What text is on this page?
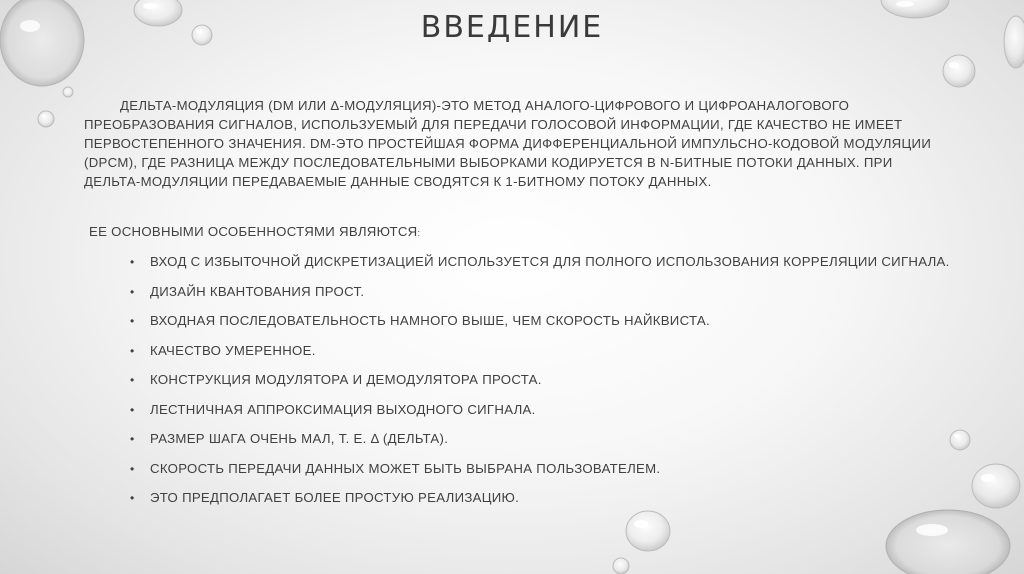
ВВЕДЕНИЕ

ДЕЛЬТА-МОДУЛЯЦИЯ (DM ИЛИ Δ-МОДУЛЯЦИЯ)-ЭТО МЕТОД АНАЛОГО-ЦИФРОВОГО И ЦИФРОАНАЛОГОВОГО ПРЕОБРАЗОВАНИЯ СИГНАЛОВ, ИСПОЛЬЗУЕМЫЙ ДЛЯ ПЕРЕДАЧИ ГОЛОСОВОЙ ИНФОРМАЦИИ, ГДЕ КАЧЕСТВО НЕ ИМЕЕТ ПЕРВОСТЕПЕННОГО ЗНАЧЕНИЯ. DM-ЭТО ПРОСТЕЙШАЯ ФОРМА ДИФФЕРЕНЦИАЛЬНОЙ ИМПУЛЬСНО-КОДОВОЙ МОДУЛЯЦИИ (DPCM), ГДЕ РАЗНИЦА МЕЖДУ ПОСЛЕДОВАТЕЛЬНЫМИ ВЫБОРКАМИ КОДИРУЕТСЯ В N-БИТНЫЕ ПОТОКИ ДАННЫХ. ПРИ ДЕЛЬТА-МОДУЛЯЦИИ ПЕРЕДАВАЕМЫЕ ДАННЫЕ СВОДЯТСЯ К 1-БИТНОМУ ПОТОКУ ДАННЫХ.

ЕЕ ОСНОВНЫМИ ОСОБЕННОСТЯМИ ЯВЛЯЮТСЯ:

• ВХОД С ИЗБЫТОЧНОЙ ДИСКРЕТИЗАЦИЕЙ ИСПОЛЬЗУЕТСЯ ДЛЯ ПОЛНОГО ИСПОЛЬЗОВАНИЯ КОРРЕЛЯЦИИ СИГНАЛА.
• ДИЗАЙН КВАНТОВАНИЯ ПРОСТ.
• ВХОДНАЯ ПОСЛЕДОВАТЕЛЬНОСТЬ НАМНОГО ВЫШЕ, ЧЕМ СКОРОСТЬ НАЙКВИСТА.
• КАЧЕСТВО УМЕРЕННОЕ.
• КОНСТРУКЦИЯ МОДУЛЯТОРА И ДЕМОДУЛЯТОРА ПРОСТА.
• ЛЕСТНИЧНАЯ АППРОКСИМАЦИЯ ВЫХОДНОГО СИГНАЛА.
• РАЗМЕР ШАГА ОЧЕНЬ МАЛ, Т. Е. Δ (ДЕЛЬТА).
• СКОРОСТЬ ПЕРЕДАЧИ ДАННЫХ МОЖЕТ БЫТЬ ВЫБРАНА ПОЛЬЗОВАТЕЛЕМ.
• ЭТО ПРЕДПОЛАГАЕТ БОЛЕЕ ПРОСТУЮ РЕАЛИЗАЦИЮ.
